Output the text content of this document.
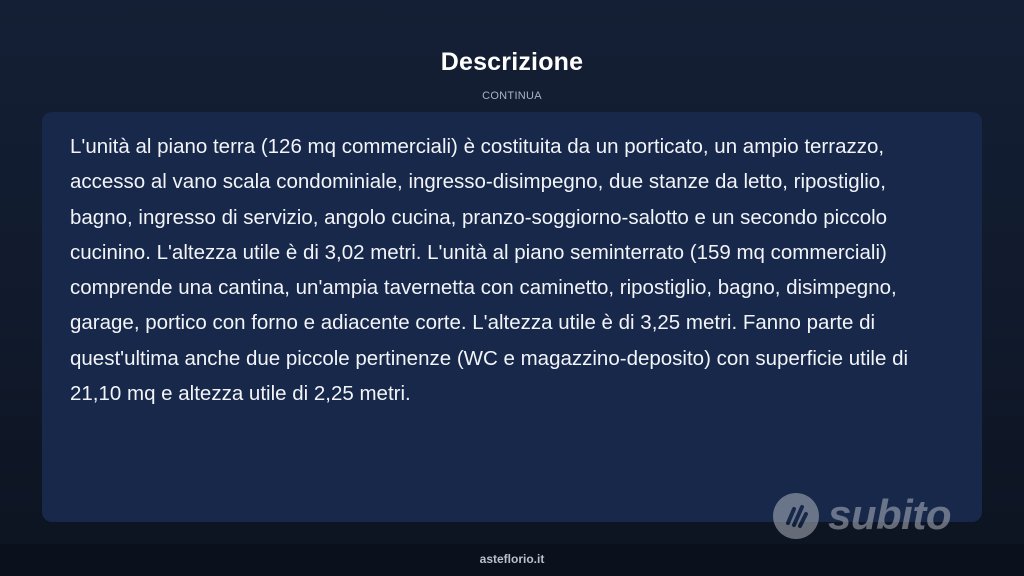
Descrizione
CONTINUA

L'unità al piano terra (126 mq commerciali) è costituita da un porticato, un ampio terrazzo, accesso al vano scala condominiale, ingresso-disimpegno, due stanze da letto, ripostiglio, bagno, ingresso di servizio, angolo cucina, pranzo-soggiorno-salotto e un secondo piccolo cucinino. L'altezza utile è di 3,02 metri. L'unità al piano seminterrato (159 mq commerciali) comprende una cantina, un'ampia tavernetta con caminetto, ripostiglio, bagno, disimpegno, garage, portico con forno e adiacente corte. L'altezza utile è di 3,25 metri. Fanno parte di quest'ultima anche due piccole pertinenze (WC e magazzino-deposito) con superficie utile di 21,10 mq e altezza utile di 2,25 metri.

subito
asteflorio.it
